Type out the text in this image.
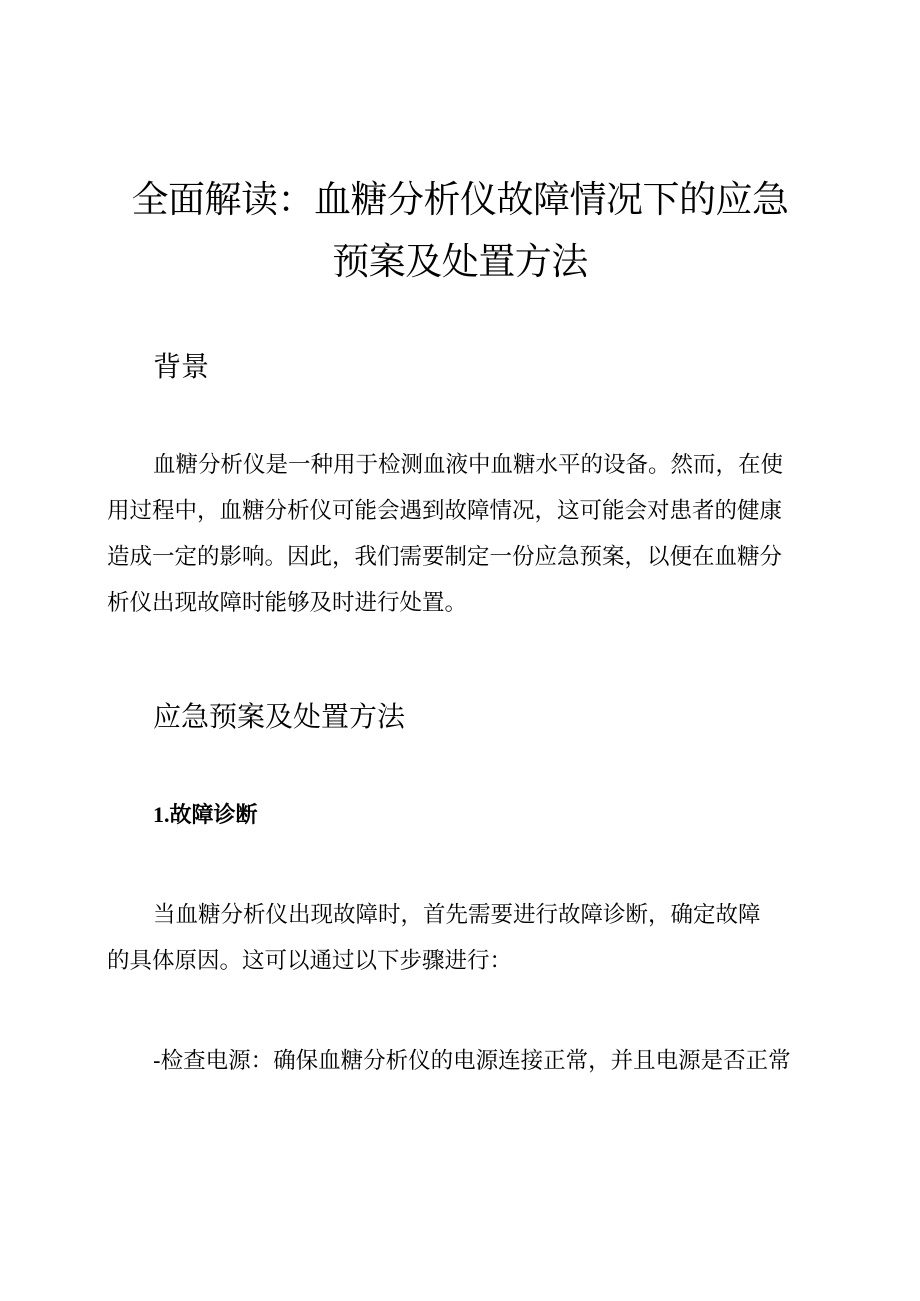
全面解读：血糖分析仪故障情况下的应急
预案及处置方法
背景
血糖分析仪是一种用于检测血液中血糖水平的设备。然而，在使
用过程中，血糖分析仪可能会遇到故障情况，这可能会对患者的健康
造成一定的影响。因此，我们需要制定一份应急预案，以便在血糖分
析仪出现故障时能够及时进行处置。
应急预案及处置方法
1.故障诊断
当血糖分析仪出现故障时，首先需要进行故障诊断，确定故障
的具体原因。这可以通过以下步骤进行：
-检查电源：确保血糖分析仪的电源连接正常，并且电源是否正常
